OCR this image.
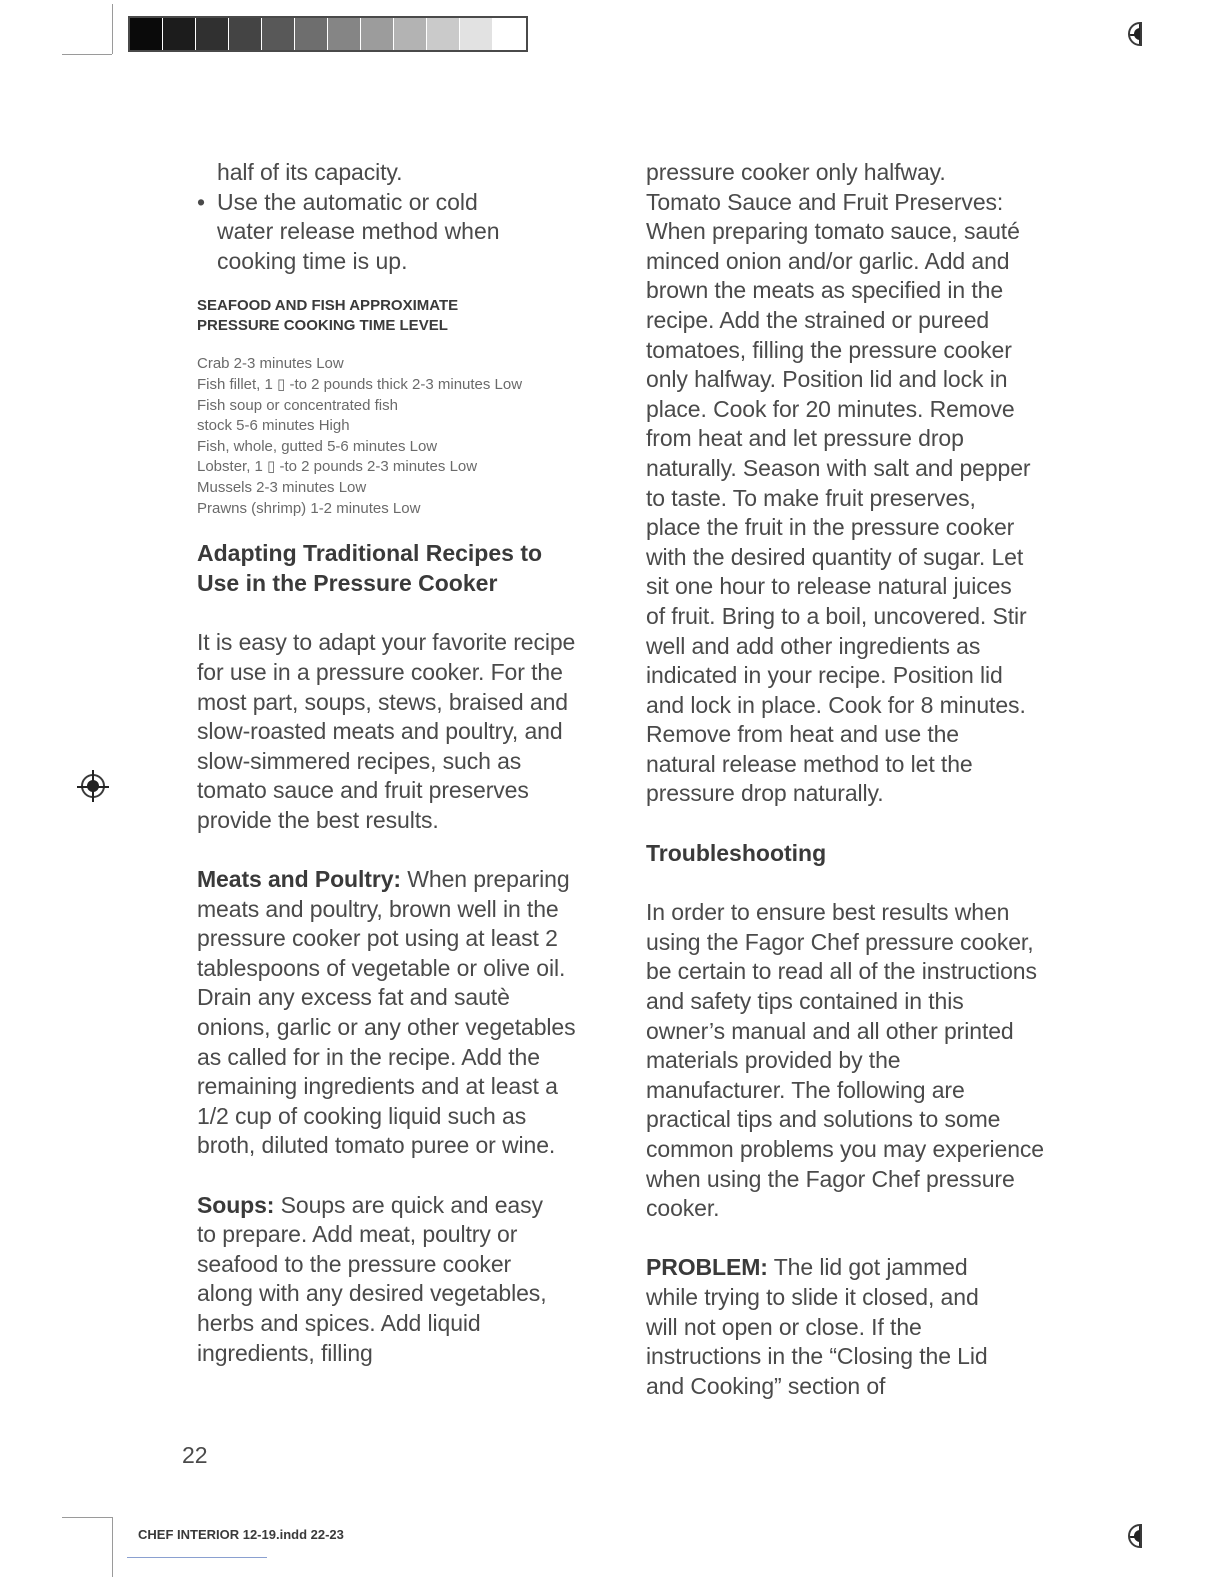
half of its capacity.

• Use the automatic or cold water release method when cooking time is up.
SEAFOOD AND FISH APPROXIMATE
PRESSURE COOKING TIME LEVEL

Crab 2-3 minutes Low

Fish fillet, 1 ▯ -to 2 pounds thick 2-3 minutes Low

Fish soup or concentrated fish

stock 5-6 minutes High

Fish, whole, gutted 5-6 minutes Low

Lobster, 1 ▯ -to 2 pounds 2-3 minutes Low

Mussels 2-3 minutes Low

Prawns (shrimp) 1-2 minutes Low

Adapting Traditional Recipes to
Use in the Pressure Cooker

It is easy to adapt your favorite recipe for use in a pressure cooker. For the most part, soups, stews, braised and slow-roasted meats and poultry, and slow-simmered recipes, such as tomato sauce and fruit preserves provide the best results.

Meats and Poultry: When preparing meats and poultry, brown well in the pressure cooker pot using at least 2 tablespoons of vegetable or olive oil. Drain any excess fat and sautè onions, garlic or any other vegetables as called for in the recipe. Add the remaining ingredients and at least a 1/2 cup of cooking liquid such as broth, diluted tomato puree or wine.

Soups: Soups are quick and easy to prepare. Add meat, poultry or seafood to the pressure cooker along with any desired vegetables, herbs and spices. Add liquid ingredients, filling

pressure cooker only halfway.

Tomato Sauce and Fruit Preserves: When preparing tomato sauce, sauté minced onion and/or garlic. Add and brown the meats as specified in the recipe. Add the strained or pureed tomatoes, filling the pressure cooker only halfway. Position lid and lock in place. Cook for 20 minutes. Remove from heat and let pressure drop naturally. Season with salt and pepper to taste. To make fruit preserves, place the fruit in the pressure cooker with the desired quantity of sugar. Let sit one hour to release natural juices of fruit. Bring to a boil, uncovered. Stir well and add other ingredients as indicated in your recipe. Position lid and lock in place. Cook for 8 minutes. Remove from heat and use the natural release method to let the pressure drop naturally.

Troubleshooting

In order to ensure best results when using the Fagor Chef pressure cooker, be certain to read all of the instructions and safety tips contained in this owner’s manual and all other printed materials provided by the manufacturer. The following are practical tips and solutions to some common problems you may experience when using the Fagor Chef pressure cooker.

PROBLEM: The lid got jammed while trying to slide it closed, and will not open or close. If the instructions in the “Closing the Lid and Cooking” section of

22
CHEF INTERIOR 12-19.indd 22-23
